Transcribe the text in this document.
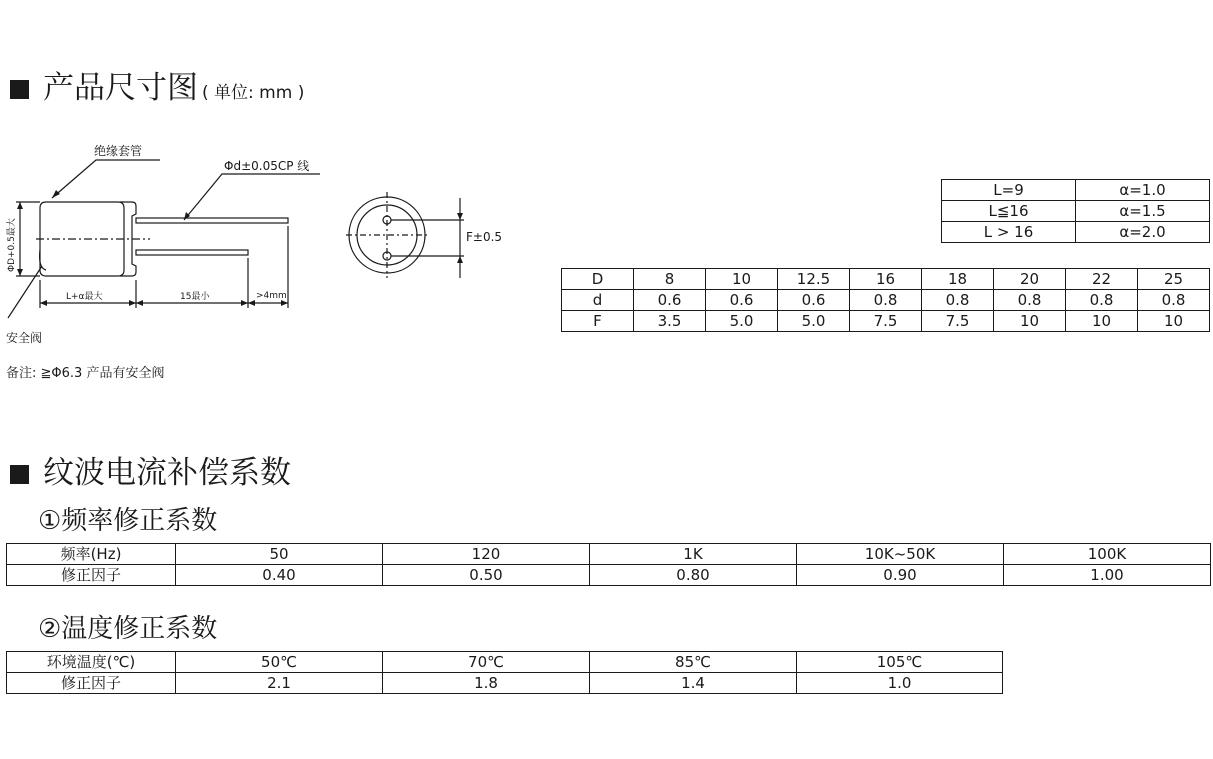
产品尺寸图 ( 单位: mm )
绝缘套管
Φd±0.05CP 线
ΦD+0.5最大
L+α最大	15最小	>4mm
安全阀
F±0.5
备注: ≧Φ6.3 产品有安全阀
L=9	α=1.0
L≦16	α=1.5
L > 16	α=2.0
D	8	10	12.5	16	18	20	22	25
d	0.6	0.6	0.6	0.8	0.8	0.8	0.8	0.8
F	3.5	5.0	5.0	7.5	7.5	10	10	10
纹波电流补偿系数
①频率修正系数
频率(Hz)	50	120	1K	10K~50K	100K
修正因子	0.40	0.50	0.80	0.90	1.00
②温度修正系数
环境温度(℃)	50℃	70℃	85℃	105℃
修正因子	2.1	1.8	1.4	1.0
